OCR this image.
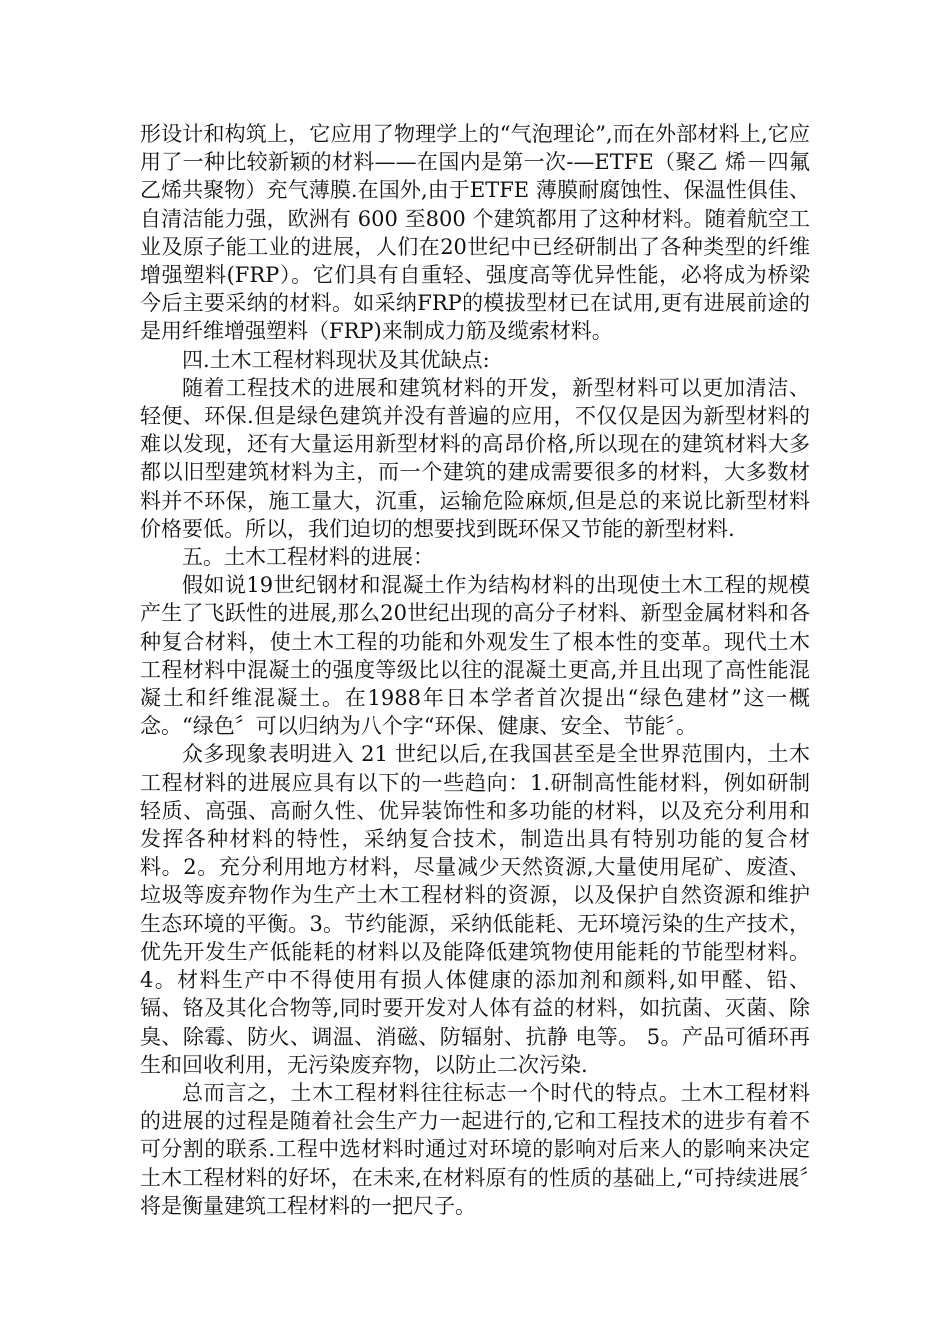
形设计和构筑上，它应用了物理学上的“气泡理论”,而在外部材料上,它应用了一种比较新颖的材料——在国内是第一次-—ETFE（聚乙 烯－四氟乙烯共聚物）充气薄膜.在国外,由于ETFE 薄膜耐腐蚀性、保温性俱佳、自清洁能力强，欧洲有 600 至800 个建筑都用了这种材料。随着航空工业及原子能工业的进展，人们在20世纪中已经研制出了各种类型的纤维增强塑料(FRP）。它们具有自重轻、强度高等优异性能，必将成为桥梁今后主要采纳的材料。如采纳FRP的模拔型材已在试用,更有进展前途的是用纤维增强塑料（FRP)来制成力筋及缆索材料。

四.土木工程材料现状及其优缺点:

随着工程技术的进展和建筑材料的开发，新型材料可以更加清洁、轻便、环保.但是绿色建筑并没有普遍的应用，不仅仅是因为新型材料的难以发现，还有大量运用新型材料的高昂价格,所以现在的建筑材料大多都以旧型建筑材料为主，而一个建筑的建成需要很多的材料，大多数材料并不环保，施工量大，沉重，运输危险麻烦,但是总的来说比新型材料价格要低。所以，我们迫切的想要找到既环保又节能的新型材料.

五。土木工程材料的进展：

假如说19世纪钢材和混凝土作为结构材料的出现使土木工程的规模产生了飞跃性的进展,那么20世纪出现的高分子材料、新型金属材料和各种复合材料，使土木工程的功能和外观发生了根本性的变革。现代土木工程材料中混凝土的强度等级比以往的混凝土更高,并且出现了高性能混凝土和纤维混凝土。在1988年日本学者首次提出“绿色建材”这一概念。“绿色〞可以归纳为八个字“环保、健康、安全、节能〞。

众多现象表明进入 21 世纪以后,在我国甚至是全世界范围内，土木工程材料的进展应具有以下的一些趋向：1.研制高性能材料，例如研制轻质、高强、高耐久性、优异装饰性和多功能的材料，以及充分利用和发挥各种材料的特性，采纳复合技术，制造出具有特别功能的复合材料。2。充分利用地方材料，尽量减少天然资源,大量使用尾矿、废渣、垃圾等废弃物作为生产土木工程材料的资源，以及保护自然资源和维护生态环境的平衡。3。节约能源，采纳低能耗、无环境污染的生产技术，优先开发生产低能耗的材料以及能降低建筑物使用能耗的节能型材料。4。材料生产中不得使用有损人体健康的添加剂和颜料,如甲醛、铅、镉、铬及其化合物等,同时要开发对人体有益的材料，如抗菌、灭菌、除臭、除霉、防火、调温、消磁、防辐射、抗静 电等。 5。产品可循环再生和回收利用，无污染废弃物，以防止二次污染.

总而言之，土木工程材料往往标志一个时代的特点。土木工程材料的进展的过程是随着社会生产力一起进行的,它和工程技术的进步有着不可分割的联系.工程中选材料时通过对环境的影响对后来人的影响来决定土木工程材料的好坏，在未来,在材料原有的性质的基础上,“可持续进展〞将是衡量建筑工程材料的一把尺子。
